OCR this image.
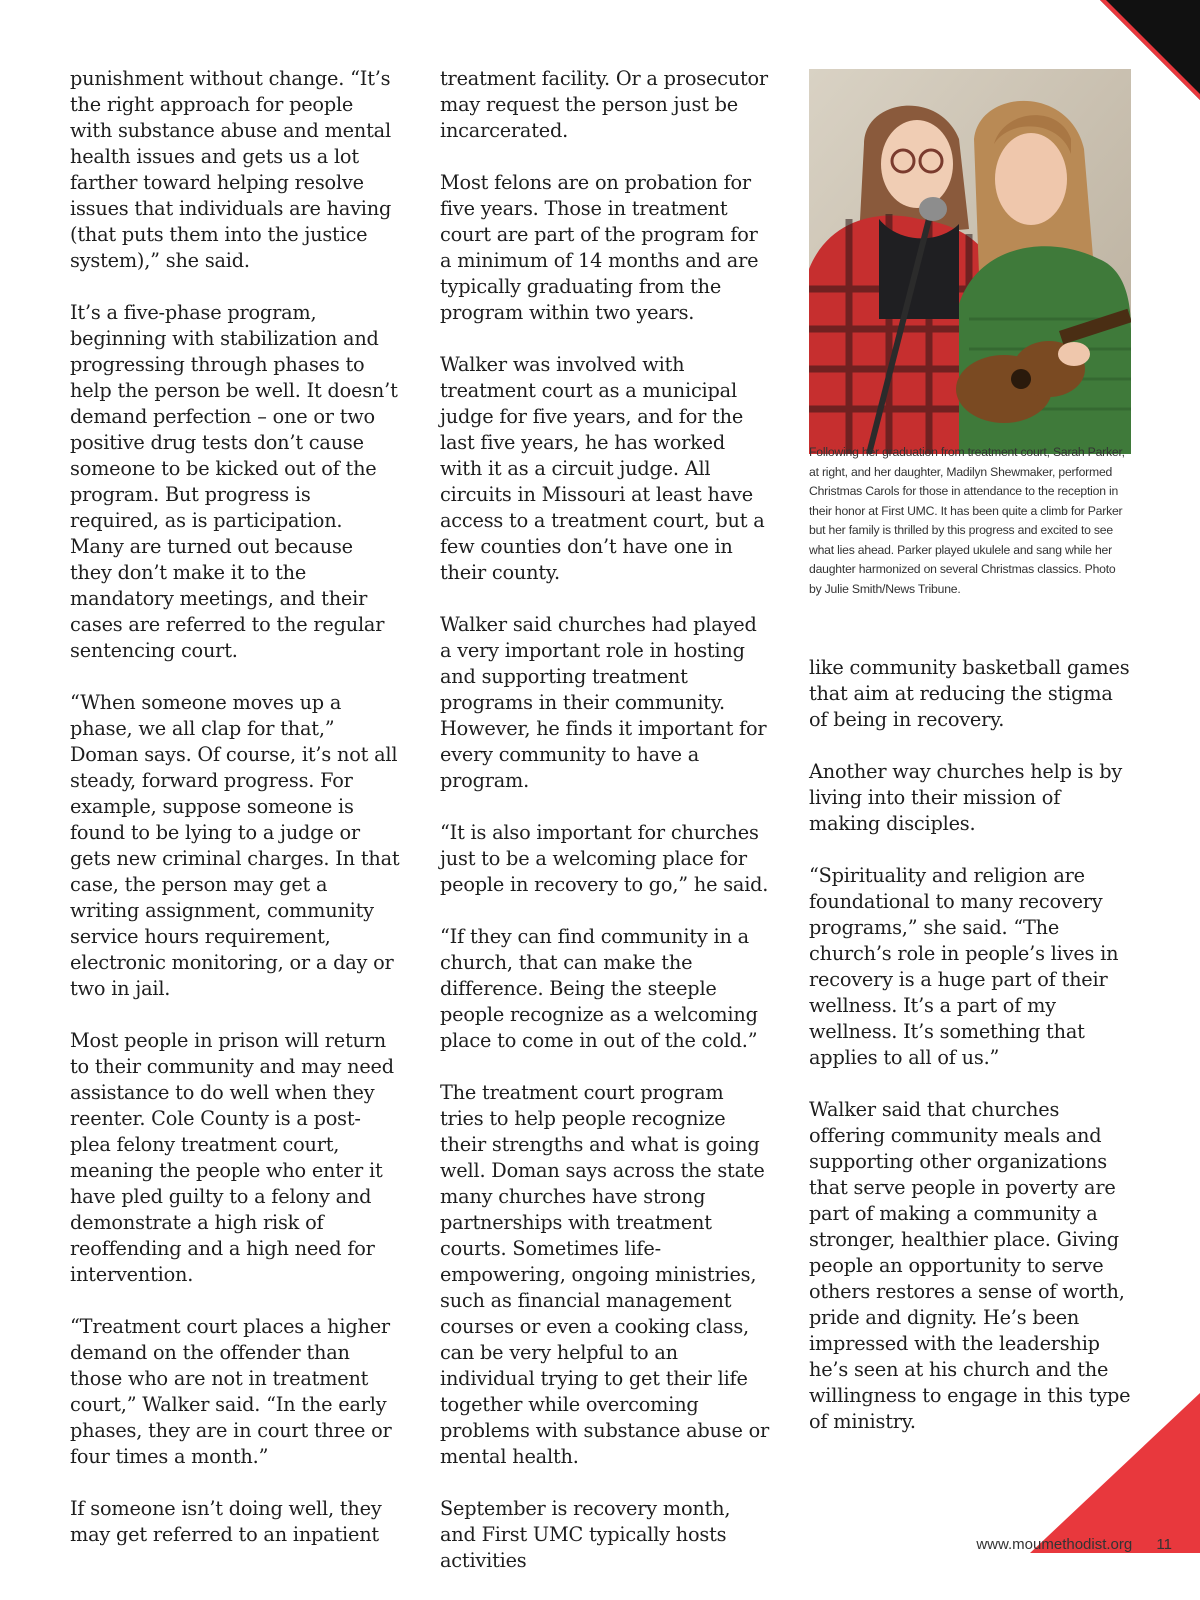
punishment without change. “It’s the right approach for people with substance abuse and mental health issues and gets us a lot farther toward helping resolve issues that individuals are having (that puts them into the justice system),” she said.

It’s a five-phase program, beginning with stabilization and progressing through phases to help the person be well. It doesn’t demand perfection – one or two positive drug tests don’t cause someone to be kicked out of the program. But progress is required, as is participation. Many are turned out because they don’t make it to the mandatory meetings, and their cases are referred to the regular sentencing court.

“When someone moves up a phase, we all clap for that,” Doman says. Of course, it’s not all steady, forward progress. For example, suppose someone is found to be lying to a judge or gets new criminal charges. In that case, the person may get a writing assignment, community service hours requirement, electronic monitoring, or a day or two in jail.

Most people in prison will return to their community and may need assistance to do well when they reenter. Cole County is a post-plea felony treatment court, meaning the people who enter it have pled guilty to a felony and demonstrate a high risk of reoffending and a high need for intervention.

“Treatment court places a higher demand on the offender than those who are not in treatment court,” Walker said. “In the early phases, they are in court three or four times a month.”

If someone isn’t doing well, they may get referred to an inpatient

treatment facility. Or a prosecutor may request the person just be incarcerated.

Most felons are on probation for five years. Those in treatment court are part of the program for a minimum of 14 months and are typically graduating from the program within two years.

Walker was involved with treatment court as a municipal judge for five years, and for the last five years, he has worked with it as a circuit judge. All circuits in Missouri at least have access to a treatment court, but a few counties don’t have one in their county.

Walker said churches had played a very important role in hosting and supporting treatment programs in their community. However, he finds it important for every community to have a program.

“It is also important for churches just to be a welcoming place for people in recovery to go,” he said.

“If they can find community in a church, that can make the difference. Being the steeple people recognize as a welcoming place to come in out of the cold.”

The treatment court program tries to help people recognize their strengths and what is going well. Doman says across the state many churches have strong partnerships with treatment courts. Sometimes life-empowering, ongoing ministries, such as financial management courses or even a cooking class, can be very helpful to an individual trying to get their life together while overcoming problems with substance abuse or mental health.

September is recovery month, and First UMC typically hosts activities

Following her graduation from treatment court, Sarah Parker, at right, and her daughter, Madilyn Shewmaker, performed Christmas Carols for those in attendance to the reception in their honor at First UMC. It has been quite a climb for Parker but her family is thrilled by this progress and excited to see what lies ahead. Parker played ukulele and sang while her daughter harmonized on several Christmas classics. Photo by Julie Smith/News Tribune.

like community basketball games that aim at reducing the stigma of being in recovery.

Another way churches help is by living into their mission of making disciples.

“Spirituality and religion are foundational to many recovery programs,” she said. “The church’s role in people’s lives in recovery is a huge part of their wellness. It’s a part of my wellness. It’s something that applies to all of us.”

Walker said that churches offering community meals and supporting other organizations that serve people in poverty are part of making a community a stronger, healthier place. Giving people an opportunity to serve others restores a sense of worth, pride and dignity. He’s been impressed with the leadership he’s seen at his church and the willingness to engage in this type of ministry.

www.moumethodist.org 11
